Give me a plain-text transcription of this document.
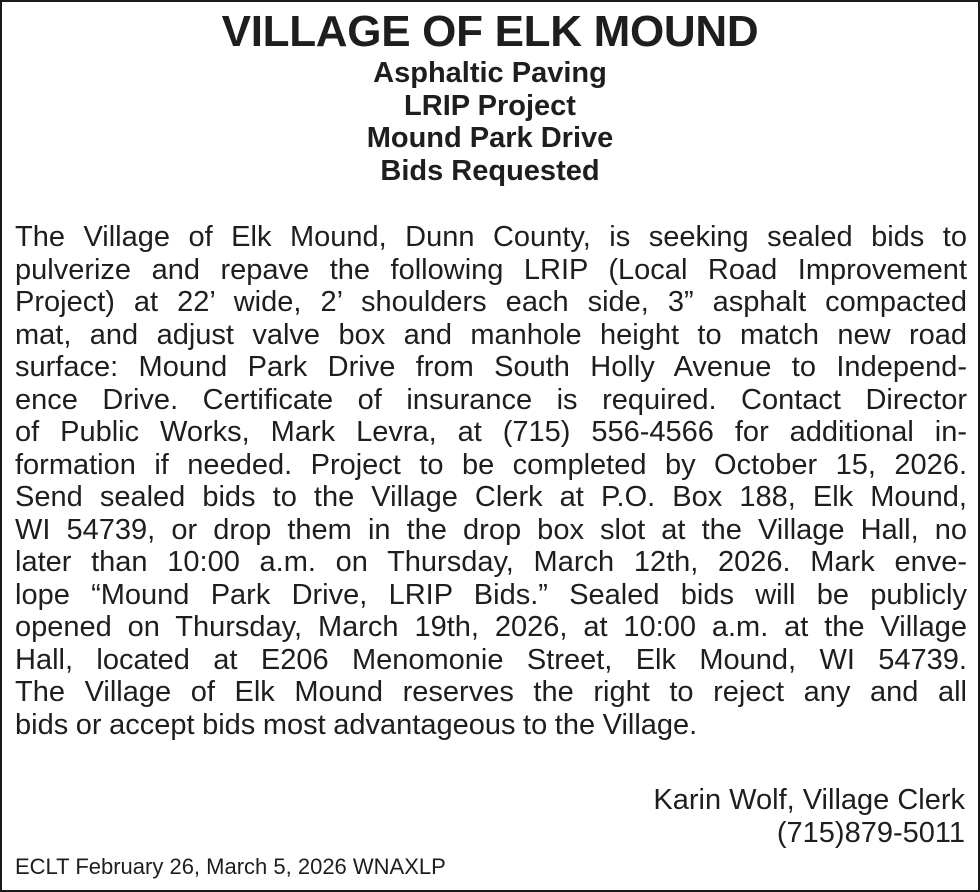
VILLAGE OF ELK MOUND
Asphaltic Paving
LRIP Project
Mound Park Drive
Bids Requested
The Village of Elk Mound, Dunn County, is seeking sealed bids to
pulverize and repave the following LRIP (Local Road Improvement
Project) at 22’ wide, 2’ shoulders each side, 3” asphalt compacted
mat, and adjust valve box and manhole height to match new road
surface: Mound Park Drive from South Holly Avenue to Independ-
ence Drive. Certificate of insurance is required. Contact Director
of Public Works, Mark Levra, at (715) 556-4566 for additional in-
formation if needed. Project to be completed by October 15, 2026.
Send sealed bids to the Village Clerk at P.O. Box 188, Elk Mound,
WI 54739, or drop them in the drop box slot at the Village Hall, no
later than 10:00 a.m. on Thursday, March 12th, 2026. Mark enve-
lope “Mound Park Drive, LRIP Bids.” Sealed bids will be publicly
opened on Thursday, March 19th, 2026, at 10:00 a.m. at the Village
Hall, located at E206 Menomonie Street, Elk Mound, WI 54739.
The Village of Elk Mound reserves the right to reject any and all
bids or accept bids most advantageous to the Village.
Karin Wolf, Village Clerk
(715)879-5011
ECLT February 26, March 5, 2026 WNAXLP
